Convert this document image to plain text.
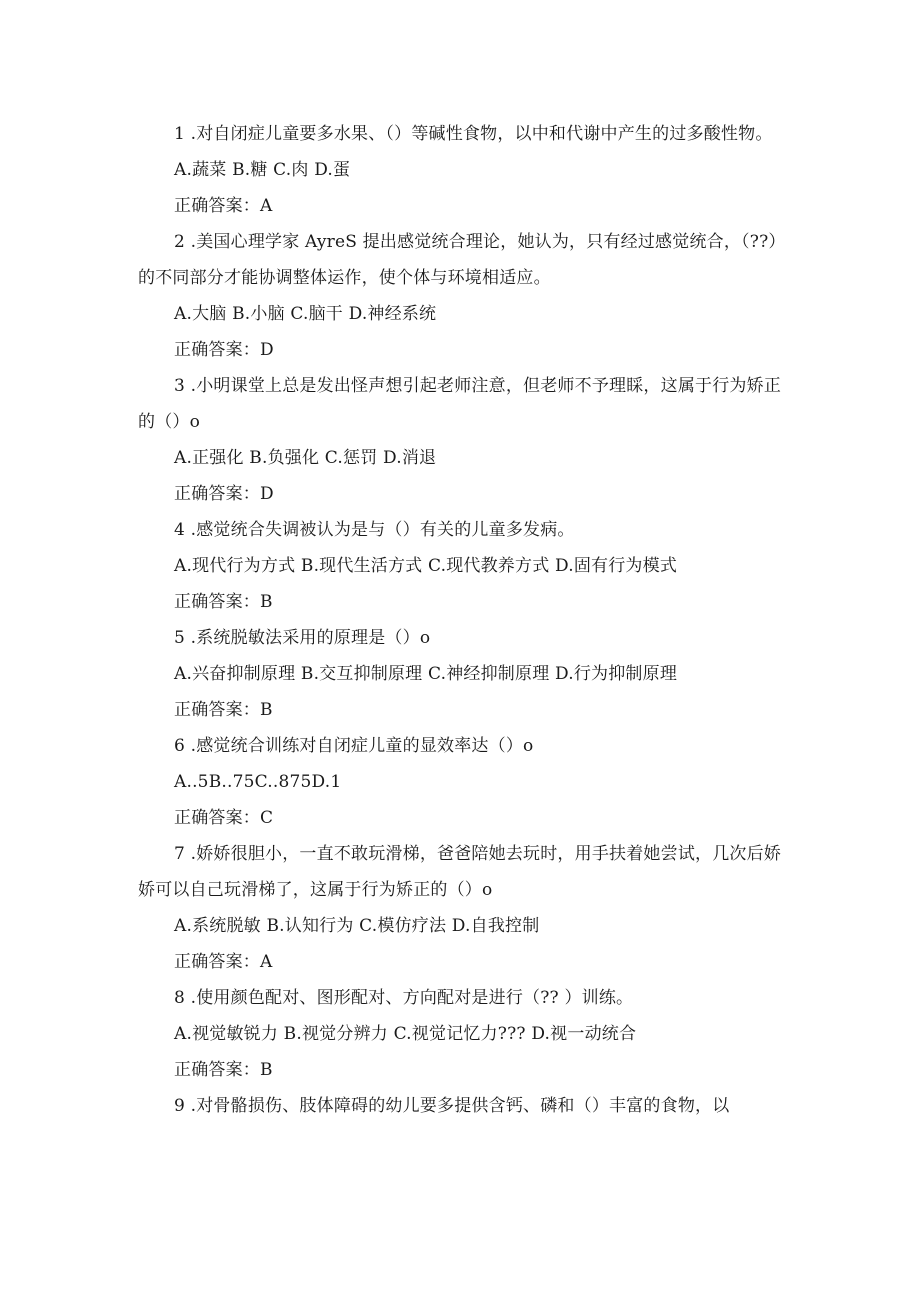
1 .对自闭症儿童要多水果、（）等碱性食物，以中和代谢中产生的过多酸性物。

A.蔬菜 B.糖 C.肉 D.蛋

正确答案：A

2 .美国心理学家 AyreS 提出感觉统合理论，她认为，只有经过感觉统合，（??）的不同部分才能协调整体运作，使个体与环境相适应。

A.大脑 B.小脑 C.脑干 D.神经系统

正确答案：D

3 .小明课堂上总是发出怪声想引起老师注意，但老师不予理睬，这属于行为矫正的（）o

A.正强化 B.负强化 C.惩罚 D.消退

正确答案：D

4 .感觉统合失调被认为是与（）有关的儿童多发病。

A.现代行为方式 B.现代生活方式 C.现代教养方式 D.固有行为模式

正确答案：B

5 .系统脱敏法采用的原理是（）o

A.兴奋抑制原理 B.交互抑制原理 C.神经抑制原理 D.行为抑制原理

正确答案：B

6 .感觉统合训练对自闭症儿童的显效率达（）o

A..5B..75C..875D.1

正确答案：C

7 .娇娇很胆小，一直不敢玩滑梯，爸爸陪她去玩时，用手扶着她尝试，几次后娇娇可以自己玩滑梯了，这属于行为矫正的（）o

A.系统脱敏 B.认知行为 C.模仿疗法 D.自我控制

正确答案：A

8 .使用颜色配对、图形配对、方向配对是进行（?? ）训练。

A.视觉敏锐力 B.视觉分辨力 C.视觉记忆力??? D.视一动统合

正确答案：B

9 .对骨骼损伤、肢体障碍的幼儿要多提供含钙、磷和（）丰富的食物，以
